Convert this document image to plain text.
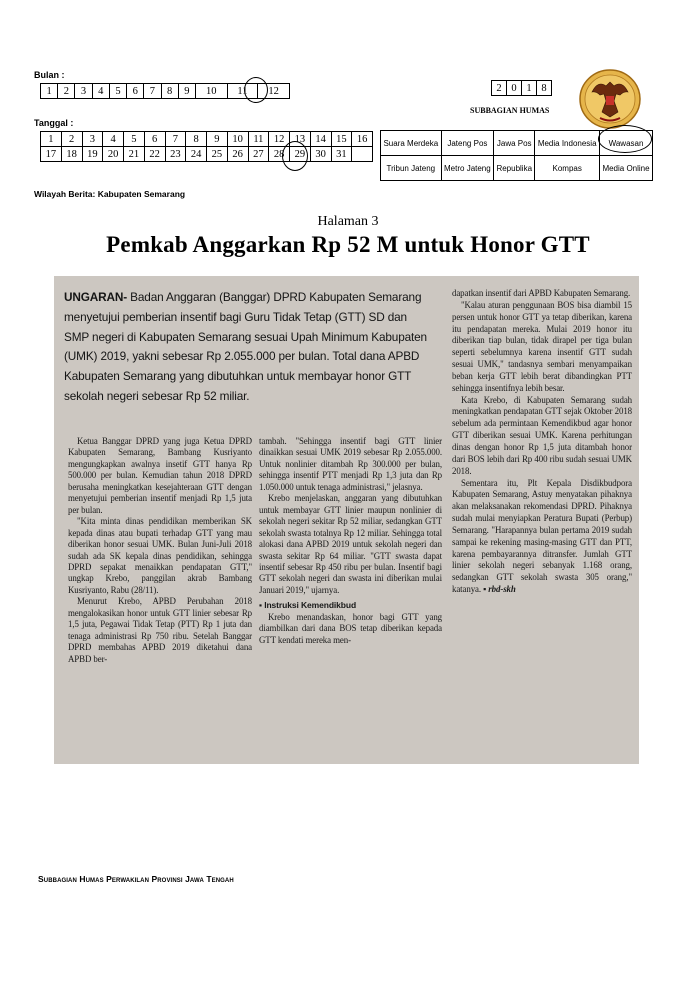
Bulan :
1	2	3	4	5	6	7	8	9	10	11	12
Tanggal :
1	2	3	4	5	6	7	8	9	10	11	12	13	14	15	16
17	18	19	20	21	22	23	24	25	26	27	28	29	30	31	
Wilayah Berita: Kabupaten Semarang
2	0	1	8
SUBBAGIAN HUMAS
Suara Merdeka	Jateng Pos	Jawa Pos	Media Indonesia	Wawasan
Tribun Jateng	Metro Jateng	Republika	Kompas	Media Online
Halaman 3
Pemkab Anggarkan Rp 52 M untuk Honor GTT
UNGARAN- Badan Anggaran (Banggar) DPRD Kabupaten Semarang menyetujui pemberian insentif bagi Guru Tidak Tetap (GTT) SD dan SMP negeri di Kabupaten Semarang sesuai Upah Minimum Kabupaten (UMK) 2019, yakni sebesar Rp 2.055.000 per bulan. Total dana APBD Kabupaten Semarang yang dibutuhkan untuk membayar honor GTT sekolah negeri sebesar Rp 52 miliar.

Ketua Banggar DPRD yang juga Ketua DPRD Kabupaten Semarang, Bambang Kusriyanto mengungkapkan awalnya insetif GTT hanya Rp 500.000 per bulan. Kemudian tahun 2018 DPRD berusaha meningkatkan kesejahteraan GTT dengan menyetujui pemberian insentif menjadi Rp 1,5 juta per bulan.

"Kita minta dinas pendidikan memberikan SK kepada dinas atau bupati terhadap GTT yang mau diberikan honor sesuai UMK. Bulan Juni-Juli 2018 sudah ada SK kepala dinas pendidikan, sehingga DPRD sepakat menaikkan pendapatan GTT," ungkap Krebo, panggilan akrab Bambang Kusriyanto, Rabu (28/11).

Menurut Krebo, APBD Perubahan 2018 mengalokasikan honor untuk GTT linier sebesar Rp 1,5 juta, Pegawai Tidak Tetap (PTT) Rp 1 juta dan tenaga administrasi Rp 750 ribu. Setelah Banggar DPRD membahas APBD 2019 diketahui dana APBD ber-

tambah. "Sehingga insentif bagi GTT linier dinaikkan sesuai UMK 2019 sebesar Rp 2.055.000. Untuk nonlinier ditambah Rp 300.000 per bulan, sehingga insentif PTT menjadi Rp 1,3 juta dan Rp 1.050.000 untuk tenaga administrasi," jelasnya.

Krebo menjelaskan, anggaran yang dibutuhkan untuk membayar GTT linier maupun nonlinier di sekolah negeri sekitar Rp 52 miliar, sedangkan GTT sekolah swasta totalnya Rp 12 miliar. Sehingga total alokasi dana APBD 2019 untuk sekolah negeri dan swasta sekitar Rp 64 miliar. "GTT swasta dapat insentif sebesar Rp 450 ribu per bulan. Insentif bagi GTT sekolah negeri dan swasta ini diberikan mulai Januari 2019," ujarnya.

▪ Instruksi Kemendikbud

Krebo menandaskan, honor bagi GTT yang diambilkan dari dana BOS tetap diberikan kepada GTT kendati mereka men-

dapatkan insentif dari APBD Kabupaten Semarang.

"Kalau aturan penggunaan BOS bisa diambil 15 persen untuk honor GTT ya tetap diberikan, karena itu pendapatan mereka. Mulai 2019 honor itu diberikan tiap bulan, tidak dirapel per tiga bulan seperti sebelumnya karena insentif GTT sudah sesuai UMK," tandasnya sembari menyampaikan beban kerja GTT lebih berat dibandingkan PTT sehingga insentifnya lebih besar.

Kata Krebo, di Kabupaten Semarang sudah meningkatkan pendapatan GTT sejak Oktober 2018 sebelum ada permintaan Kemendikbud agar honor GTT diberikan sesuai UMK. Karena perhitungan dinas dengan honor Rp 1,5 juta ditambah honor dari BOS lebih dari Rp 400 ribu sudah sesuai UMK 2018.

Sementara itu, Plt Kepala Disdikbudpora Kabupaten Semarang, Astuy menyatakan pihaknya akan melaksanakan rekomendasi DPRD. Pihaknya sudah mulai menyiapkan Peratura Bupati (Perbup) Semarang. "Harapannya bulan pertama 2019 sudah sampai ke rekening masing-masing GTT dan PTT, karena pembayarannya ditransfer. Jumlah GTT linier sekolah negeri sebanyak 1.168 orang, sedangkan GTT sekolah swasta 305 orang," katanya. ▪ rbd-skh

Subbagian Humas Perwakilan Provinsi Jawa Tengah
